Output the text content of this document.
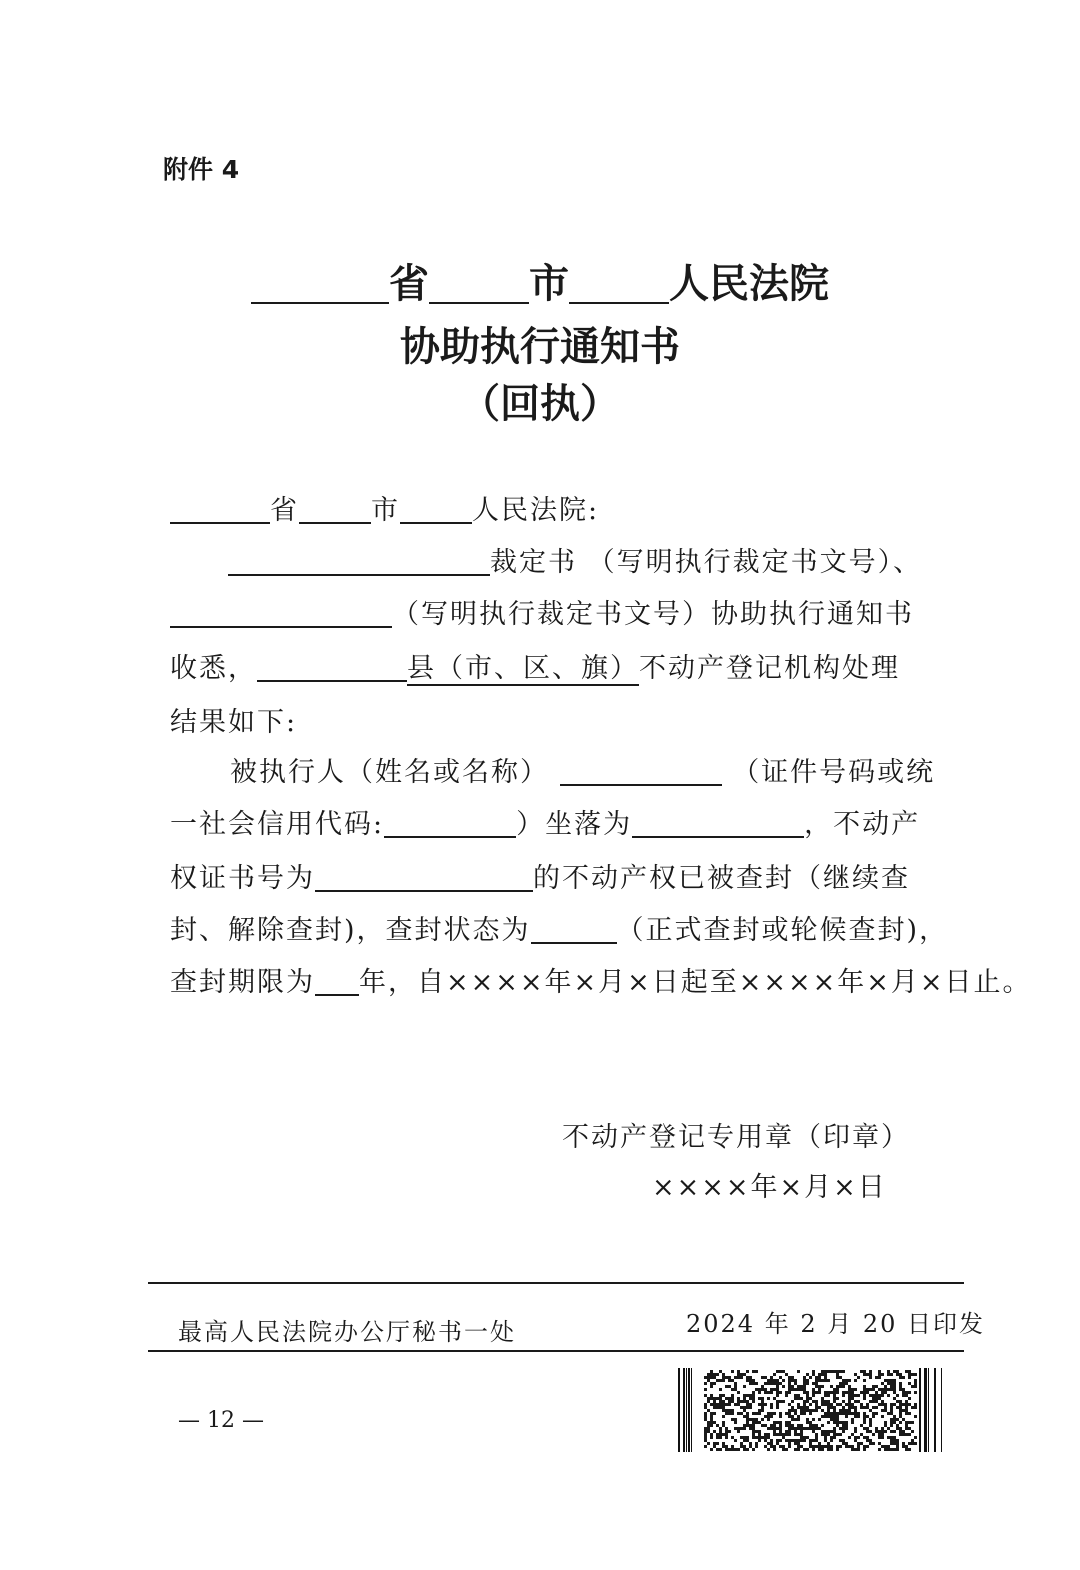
附件 4
省	市	人民法院
协助执行通知书
（回执）
省	市	人民法院:
裁定书 （写明执行裁定书文号）、
（写明执行裁定书文号）协助执行通知书
收悉，	县（市、区、旗）不动产登记机构处理
结果如下:
被执行人（姓名或名称）	（证件号码或统
一社会信用代码:	）坐落为	，不动产
权证书号为	的不动产权已被查封（继续查
封、解除查封)，查封状态为	（正式查封或轮候查封)，
查封期限为 年，自××××年×月×日起至××××年×月×日止。
不动产登记专用章（印章）
××××年×月×日
最高人民法院办公厅秘书一处	2024 年 2 月 20 日印发
— 12 —
